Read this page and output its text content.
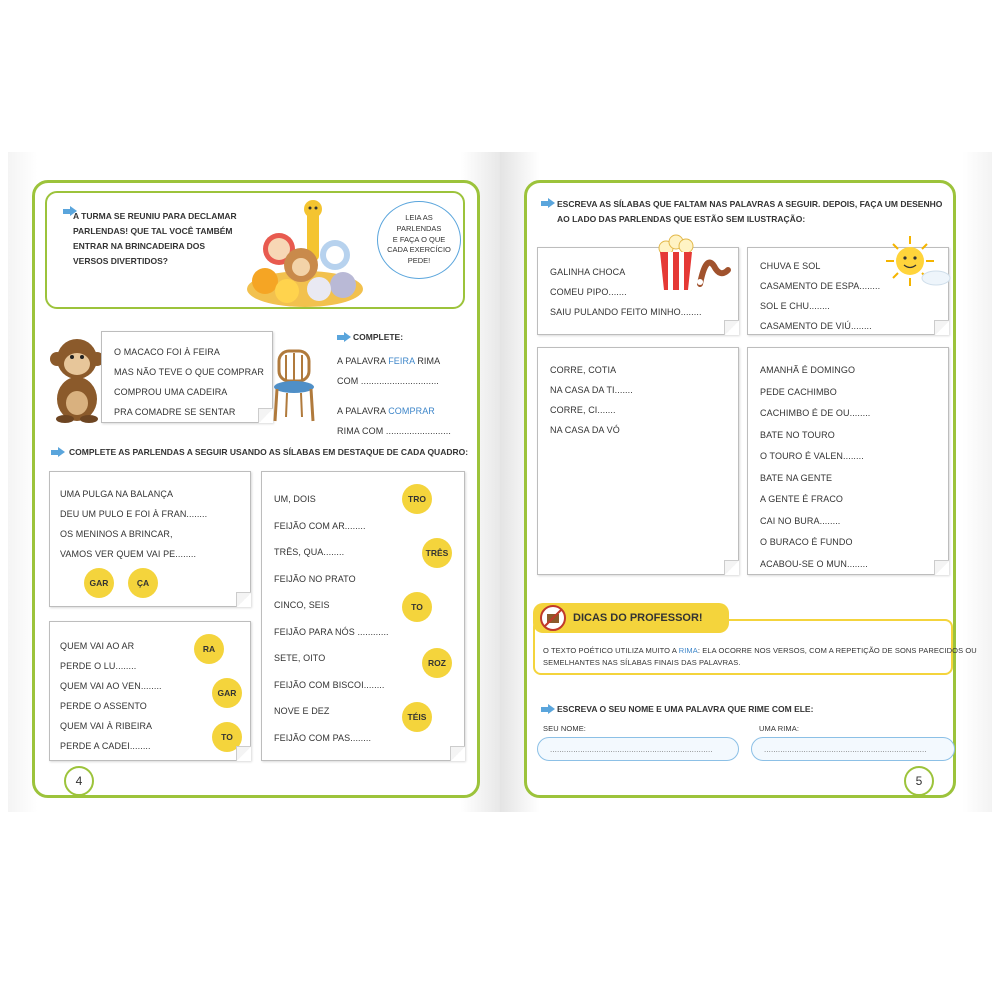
A TURMA SE REUNIU PARA DECLAMAR
PARLENDAS! QUE TAL VOCÊ TAMBÉM
ENTRAR NA BRINCADEIRA DOS
VERSOS DIVERTIDOS?
LEIA AS
PARLENDAS
E FAÇA O QUE
CADA EXERCÍCIO
PEDE!
O MACACO FOI À FEIRA
MAS NÃO TEVE O QUE COMPRAR
COMPROU UMA CADEIRA
PRA COMADRE SE SENTAR
COMPLETE:
A PALAVRA FEIRA RIMA
COM ..............................
A PALAVRA COMPRAR
RIMA COM .........................
COMPLETE AS PARLENDAS A SEGUIR USANDO AS SÍLABAS EM DESTAQUE DE CADA QUADRO:
UMA PULGA NA BALANÇA
DEU UM PULO E FOI À FRAN........
OS MENINOS A BRINCAR,
VAMOS VER QUEM VAI PE........
GAR	ÇA
QUEM VAI AO AR
PERDE O LU........
QUEM VAI AO VEN........
PERDE O ASSENTO
QUEM VAI À RIBEIRA
PERDE A CADEI........
RA
GAR
TO
UM, DOIS
FEIJÃO COM AR........
TRÊS, QUA........
FEIJÃO NO PRATO
CINCO, SEIS
FEIJÃO PARA NÓS ............
SETE, OITO
FEIJÃO COM BISCOI........
NOVE E DEZ
FEIJÃO COM PAS........
TRO
TRÊS
TO
ROZ
TÉIS
4
ESCREVA AS SÍLABAS QUE FALTAM NAS PALAVRAS A SEGUIR. DEPOIS, FAÇA UM DESENHO
AO LADO DAS PARLENDAS QUE ESTÃO SEM ILUSTRAÇÃO:
GALINHA CHOCA
COMEU PIPO.......
SAIU PULANDO FEITO MINHO........
CHUVA E SOL
CASAMENTO DE ESPA........
SOL E CHU........
CASAMENTO DE VIÚ........
CORRE, COTIA
NA CASA DA TI.......
CORRE, CI.......
NA CASA DA VÓ
AMANHÃ É DOMINGO
PEDE CACHIMBO
CACHIMBO É DE OU........
BATE NO TOURO
O TOURO É VALEN........
BATE NA GENTE
A GENTE É FRACO
CAI NO BURA........
O BURACO É FUNDO
ACABOU-SE O MUN........
O TEXTO POÉTICO UTILIZA MUITO A RIMA: ELA OCORRE NOS VERSOS, COM A REPETIÇÃO DE SONS PARECIDOS OU
SEMELHANTES NAS SÍLABAS FINAIS DAS PALAVRAS.
DICAS DO PROFESSOR!
ESCREVA O SEU NOME E UMA PALAVRA QUE RIME COM ELE:
SEU NOME:	UMA RIMA:
......................................................................	......................................................................
5
